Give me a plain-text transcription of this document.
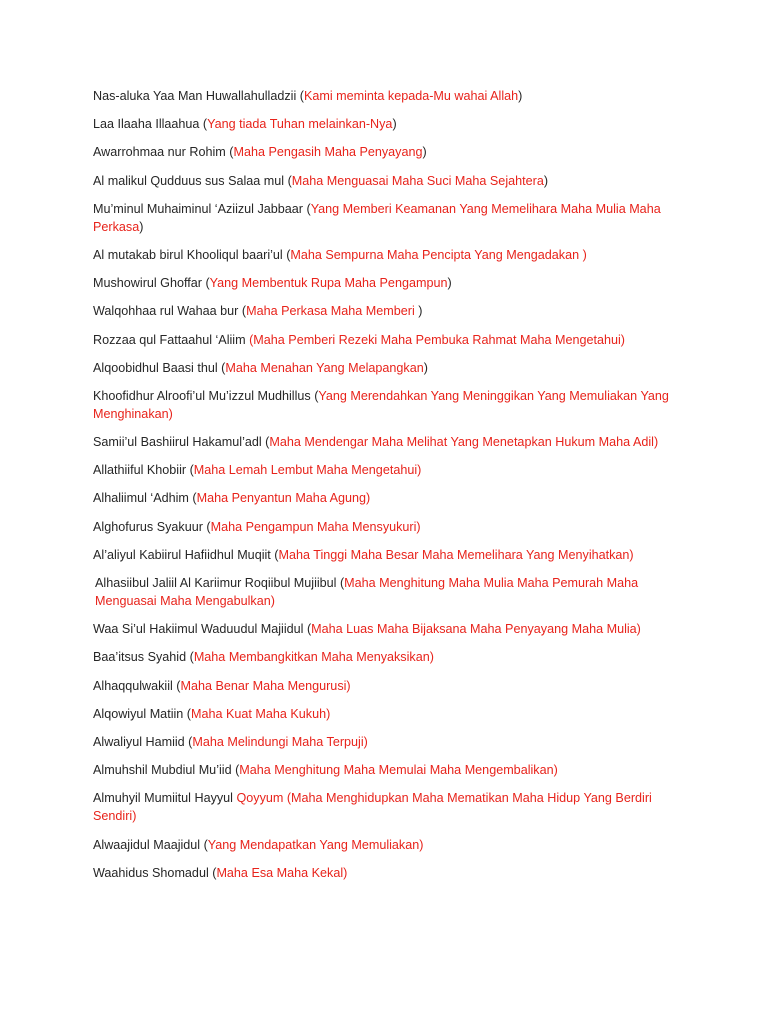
Nas-aluka Yaa Man Huwallahulladzii (Kami meminta kepada-Mu wahai Allah)
Laa Ilaaha Illaahua (Yang tiada Tuhan melainkan-Nya)
Awarrohmaa nur Rohim (Maha Pengasih Maha Penyayang)
Al malikul Qudduus sus Salaa mul (Maha Menguasai Maha Suci Maha Sejahtera)
Mu’minul Muhaiminul ‘Aziizul Jabbaar (Yang Memberi Keamanan Yang Memelihara Maha Mulia Maha Perkasa)
Al mutakab birul Khooliqul baari’ul (Maha Sempurna Maha Pencipta Yang Mengadakan )
Mushowirul Ghoffar (Yang Membentuk Rupa Maha Pengampun)
Walqohhaa rul Wahaa bur (Maha Perkasa Maha Memberi )
Rozzaa qul Fattaahul ‘Aliim (Maha Pemberi Rezeki Maha Pembuka Rahmat Maha Mengetahui)
Alqoobidhul Baasi thul (Maha Menahan Yang Melapangkan)
Khoofidhur Alroofi’ul Mu’izzul Mudhillus (Yang Merendahkan Yang Meninggikan Yang Memuliakan Yang Menghinakan)
Samii’ul Bashiirul Hakamul’adl (Maha Mendengar Maha Melihat Yang Menetapkan Hukum Maha Adil)
Allathiiful Khobiir (Maha Lemah Lembut Maha Mengetahui)
Alhaliimul ‘Adhim (Maha Penyantun Maha Agung)
Alghofurus Syakuur (Maha Pengampun Maha Mensyukuri)
Al’aliyul Kabiirul Hafiidhul Muqiit (Maha Tinggi Maha Besar Maha Memelihara Yang Menyihatkan)
Alhasiibul Jaliil Al Kariimur Roqiibul Mujiibul (Maha Menghitung Maha Mulia Maha Pemurah Maha Menguasai Maha Mengabulkan)
Waa Si’ul Hakiimul Waduudul Majiidul (Maha Luas Maha Bijaksana Maha Penyayang Maha Mulia)
Baa’itsus Syahid (Maha Membangkitkan Maha Menyaksikan)
Alhaqqulwakiil (Maha Benar Maha Mengurusi)
Alqowiyul Matiin (Maha Kuat Maha Kukuh)
Alwaliyul Hamiid (Maha Melindungi Maha Terpuji)
Almuhshil Mubdiul Mu’iid (Maha Menghitung Maha Memulai Maha Mengembalikan)
Almuhyil Mumiitul Hayyul Qoyyum (Maha Menghidupkan Maha Mematikan Maha Hidup Yang Berdiri Sendiri)
Alwaajidul Maajidul (Yang Mendapatkan Yang Memuliakan)
Waahidus Shomadul (Maha Esa Maha Kekal)
